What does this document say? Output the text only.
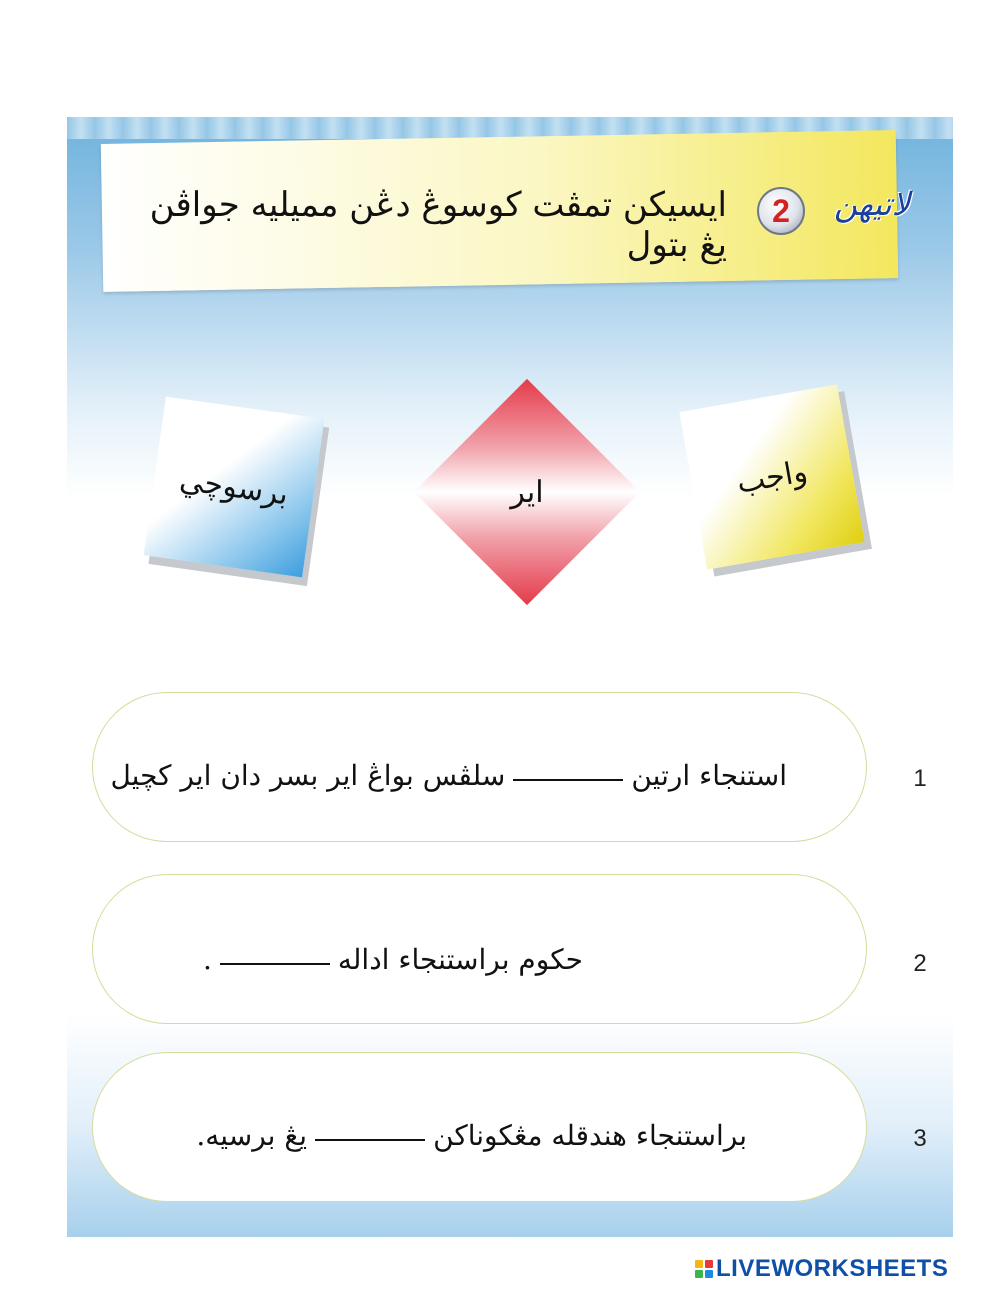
ايسيکن تمڤت کوسوڠ دڠن مميليه جواڤن يڠ بتول
2	لاتيهن
برسوچي	اير	واجب
1
استنجاء ارتينسلڤس بواڠ اير بسر دان اير کچيل
2
حکوم براستنجاء اداله.
3
براستنجاء هندقله مڠکوناکنيڠ برسيه.
LIVEWORKSHEETS
